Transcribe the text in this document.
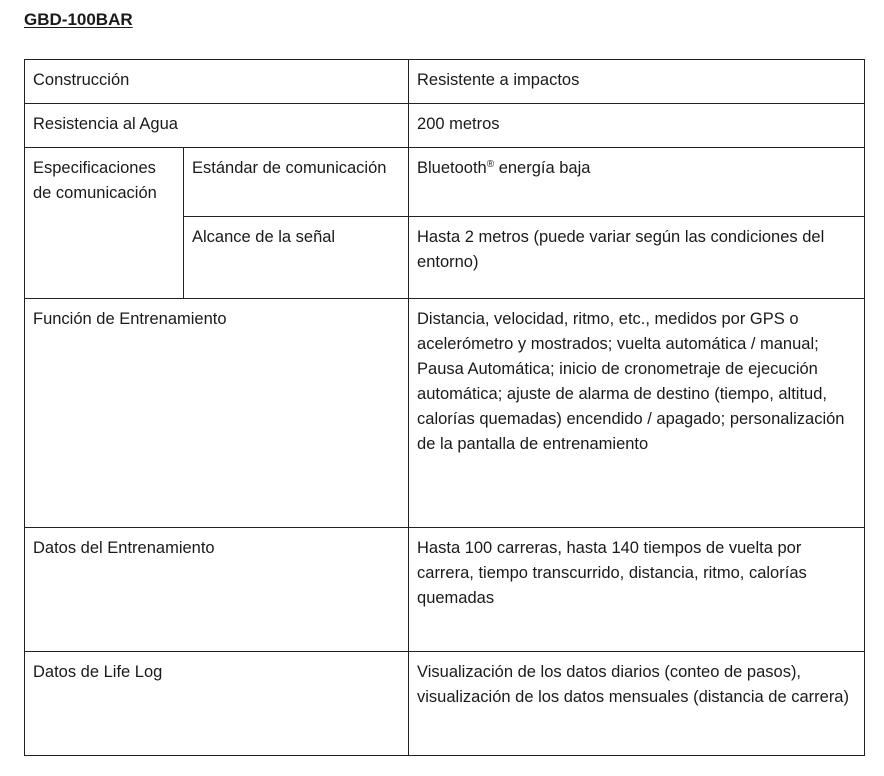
GBD-100BAR
Construcción		Resistente a impactos
Resistencia al Agua		200 metros
Especificaciones de comunicación	Estándar de comunicación	Bluetooth® energía baja
	Alcance de la señal	Hasta 2 metros (puede variar según las condiciones del entorno)
Función de Entrenamiento		Distancia, velocidad, ritmo, etc., medidos por GPS o acelerómetro y mostrados; vuelta automática / manual; Pausa Automática; inicio de cronometraje de ejecución automática; ajuste de alarma de destino (tiempo, altitud, calorías quemadas) encendido / apagado; personalización de la pantalla de entrenamiento
Datos del Entrenamiento		Hasta 100 carreras, hasta 140 tiempos de vuelta por carrera, tiempo transcurrido, distancia, ritmo, calorías quemadas
Datos de Life Log		Visualización de los datos diarios (conteo de pasos), visualización de los datos mensuales (distancia de carrera)
